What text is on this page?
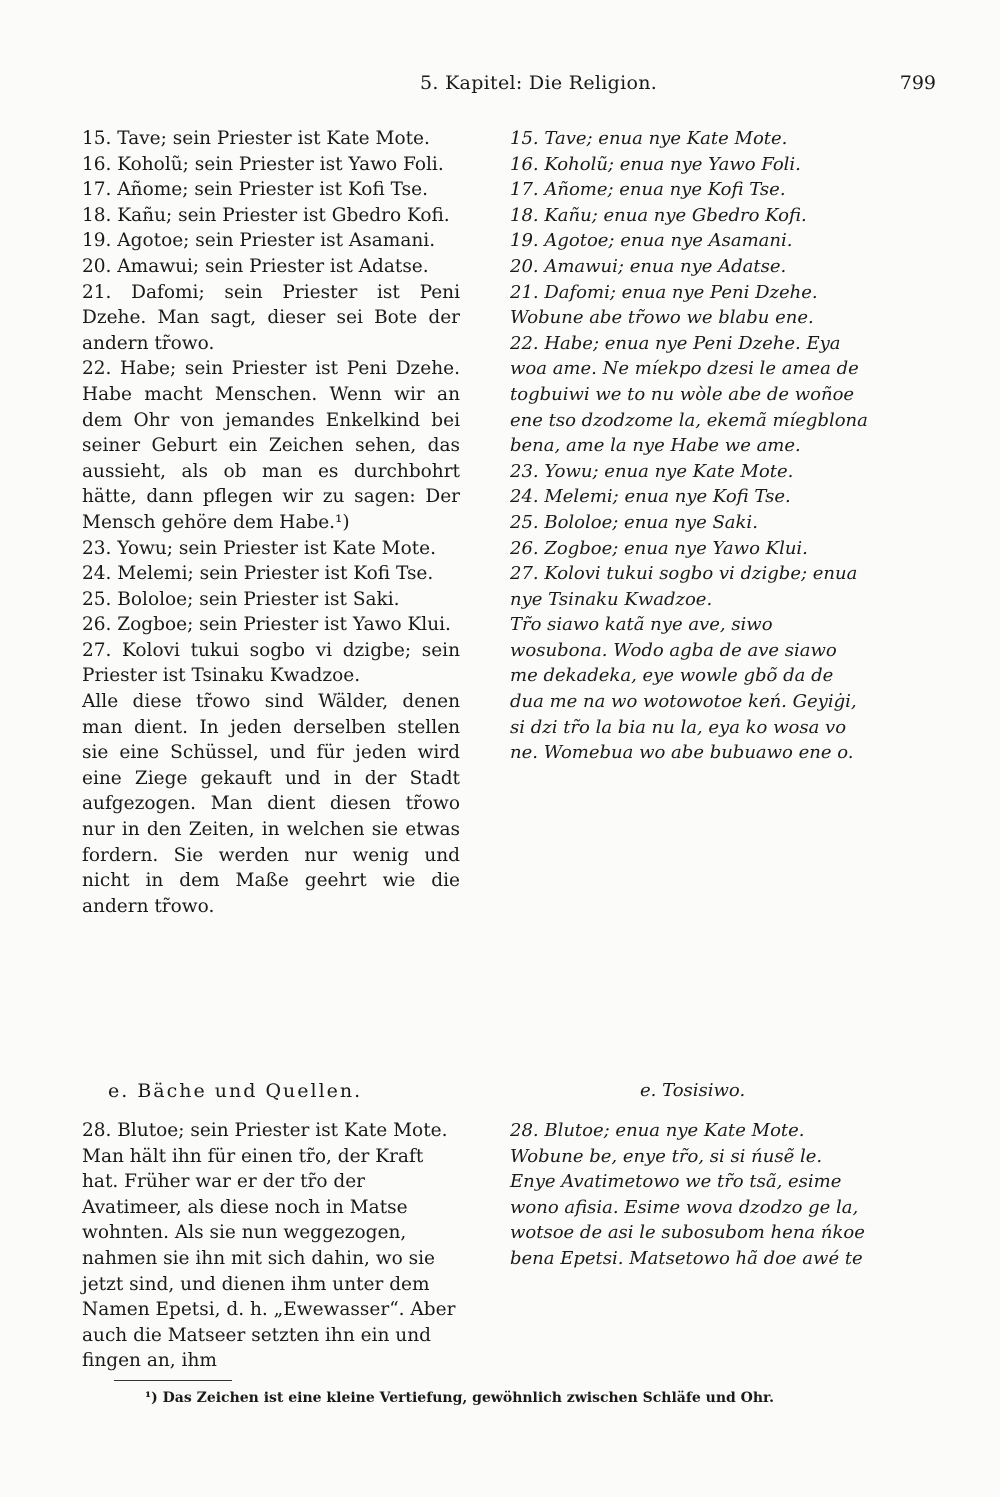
5. Kapitel: Die Religion.	799

15. Tave; sein Priester ist Kate Mote.

16. Koholũ; sein Priester ist Yawo Foli.

17. Añome; sein Priester ist Kofi Tse.

18. Kañu; sein Priester ist Gbedro Kofi.

19. Agotoe; sein Priester ist Asamani.

20. Amawui; sein Priester ist Adatse.

21. Dafomi; sein Priester ist Peni Dzehe. Man sagt, dieser sei Bote der andern tr̃owo.

22. Habe; sein Priester ist Peni Dzehe. Habe macht Menschen. Wenn wir an dem Ohr von jemandes Enkelkind bei seiner Geburt ein Zeichen sehen, das aussieht, als ob man es durchbohrt hätte, dann pflegen wir zu sagen: Der Mensch gehöre dem Habe.¹)

23. Yowu; sein Priester ist Kate Mote.

24. Melemi; sein Priester ist Kofi Tse.

25. Bololoe; sein Priester ist Saki.

26. Zogboe; sein Priester ist Yawo Klui.

27. Kolovi tukui sogbo vi dzigbe; sein Priester ist Tsinaku Kwadzoe.

Alle diese tr̃owo sind Wälder, denen man dient. In jeden derselben stellen sie eine Schüssel, und für jeden wird eine Ziege gekauft und in der Stadt aufgezogen. Man dient diesen tr̃owo nur in den Zeiten, in welchen sie etwas fordern. Sie werden nur wenig und nicht in dem Maße geehrt wie die andern tr̃owo.

15. Tave; enua nye Kate Mote.

16. Koholũ; enua nye Yawo Foli.

17. Añome; enua nye Kofi Tse.

18. Kañu; enua nye Gbedro Kofi.

19. Agotoe; enua nye Asamani.

20. Amawui; enua nye Adatse.

21. Dafomi; enua nye Peni Dzehe. Wobune abe tr̃owo we blabu ene.

22. Habe; enua nye Peni Dzehe. Eya woa ame. Ne míekpo dzesi le amea de togbuiwi we to nu wòle abe de woñoe ene tso dzodzome la, ekemã míegblona bena, ame la nye Habe we ame.

23. Yowu; enua nye Kate Mote.

24. Melemi; enua nye Kofi Tse.

25. Bololoe; enua nye Saki.

26. Zogboe; enua nye Yawo Klui.

27. Kolovi tukui sogbo vi dzigbe; enua nye Tsinaku Kwadzoe.

Tr̃o siawo katã nye ave, siwo wosubona. Wodo agba de ave siawo me dekadeka, eye wowle gbõ da de dua me na wo wotowotoe keń. Geyiġi, si dzi tr̃o la bia nu la, eya ko wosa vo ne. Womebua wo abe bubuawo ene o.

e. Bäche und Quellen.	e. Tosisiwo.

28. Blutoe; sein Priester ist Kate Mote. Man hält ihn für einen tr̃o, der Kraft hat. Früher war er der tr̃o der Avatimeer, als diese noch in Matse wohnten. Als sie nun weggezogen, nahmen sie ihn mit sich dahin, wo sie jetzt sind, und dienen ihm unter dem Namen Epetsi, d. h. „Ewewasser“. Aber auch die Matseer setzten ihn ein und fingen an, ihm

28. Blutoe; enua nye Kate Mote. Wobune be, enye tr̃o, si si ńusẽ le. Enye Avatimetowo we tr̃o tsã, esime wono afisia. Esime wova dzodzo ge la, wotsoe de asi le subosubom hena ńkoe bena Epetsi. Matsetowo hã doe awé te

¹) Das Zeichen ist eine kleine Vertiefung, gewöhnlich zwischen Schläfe und Ohr.
